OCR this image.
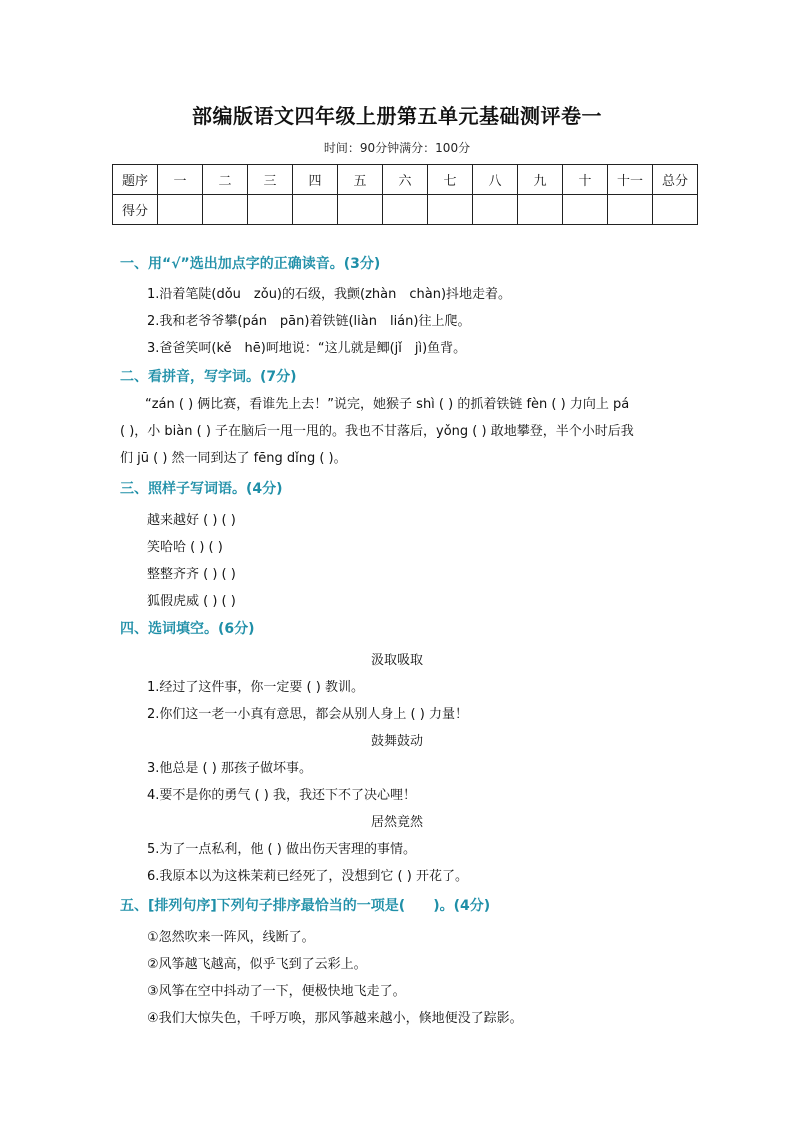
部编版语文四年级上册第五单元基础测评卷一
时间：90分钟满分：100分
题序	一	二	三	四	五	六	七	八	九	十	十一	总分
得分												
一、用“√”选出加点字的正确读音。(3分)
1.沿着笔陡(dǒu　zǒu)的石级，我颤(zhàn　chàn)抖地走着。
2.我和老爷爷攀(pán　pān)着铁链(liàn　lián)往上爬。
3.爸爸笑呵(kě　hē)呵地说：“这儿就是鲫(jǐ　jì)鱼背。
二、看拼音，写字词。(7分)

“zán ( ) 俩比赛，看谁先上去！”说完，她猴子 shì ( ) 的抓着铁链 fèn ( ) 力向上 pá

( )，小 biàn ( ) 子在脑后一甩一甩的。我也不甘落后，yǒng ( ) 敢地攀登，半个小时后我

们 jū ( ) 然一同到达了 fēng dǐng ( )。

三、照样子写词语。(4分)
越来越好 ( ) ( )
笑哈哈 ( ) ( )
整整齐齐 ( ) ( )
狐假虎威 ( ) ( )
四、选词填空。(6分)
汲取吸取
1.经过了这件事，你一定要 ( ) 教训。
2.你们这一老一小真有意思，都会从别人身上 ( ) 力量！
鼓舞鼓动
3.他总是 ( ) 那孩子做坏事。
4.要不是你的勇气 ( ) 我，我还下不了决心哩！
居然竟然
5.为了一点私利，他 ( ) 做出伤天害理的事情。
6.我原本以为这株茉莉已经死了，没想到它 ( ) 开花了。
五、[排列句序]下列句子排序最恰当的一项是(　　)。(4分)
①忽然吹来一阵风，线断了。
②风筝越飞越高，似乎飞到了云彩上。
③风筝在空中抖动了一下，便极快地飞走了。
④我们大惊失色，千呼万唤，那风筝越来越小，倏地便没了踪影。
